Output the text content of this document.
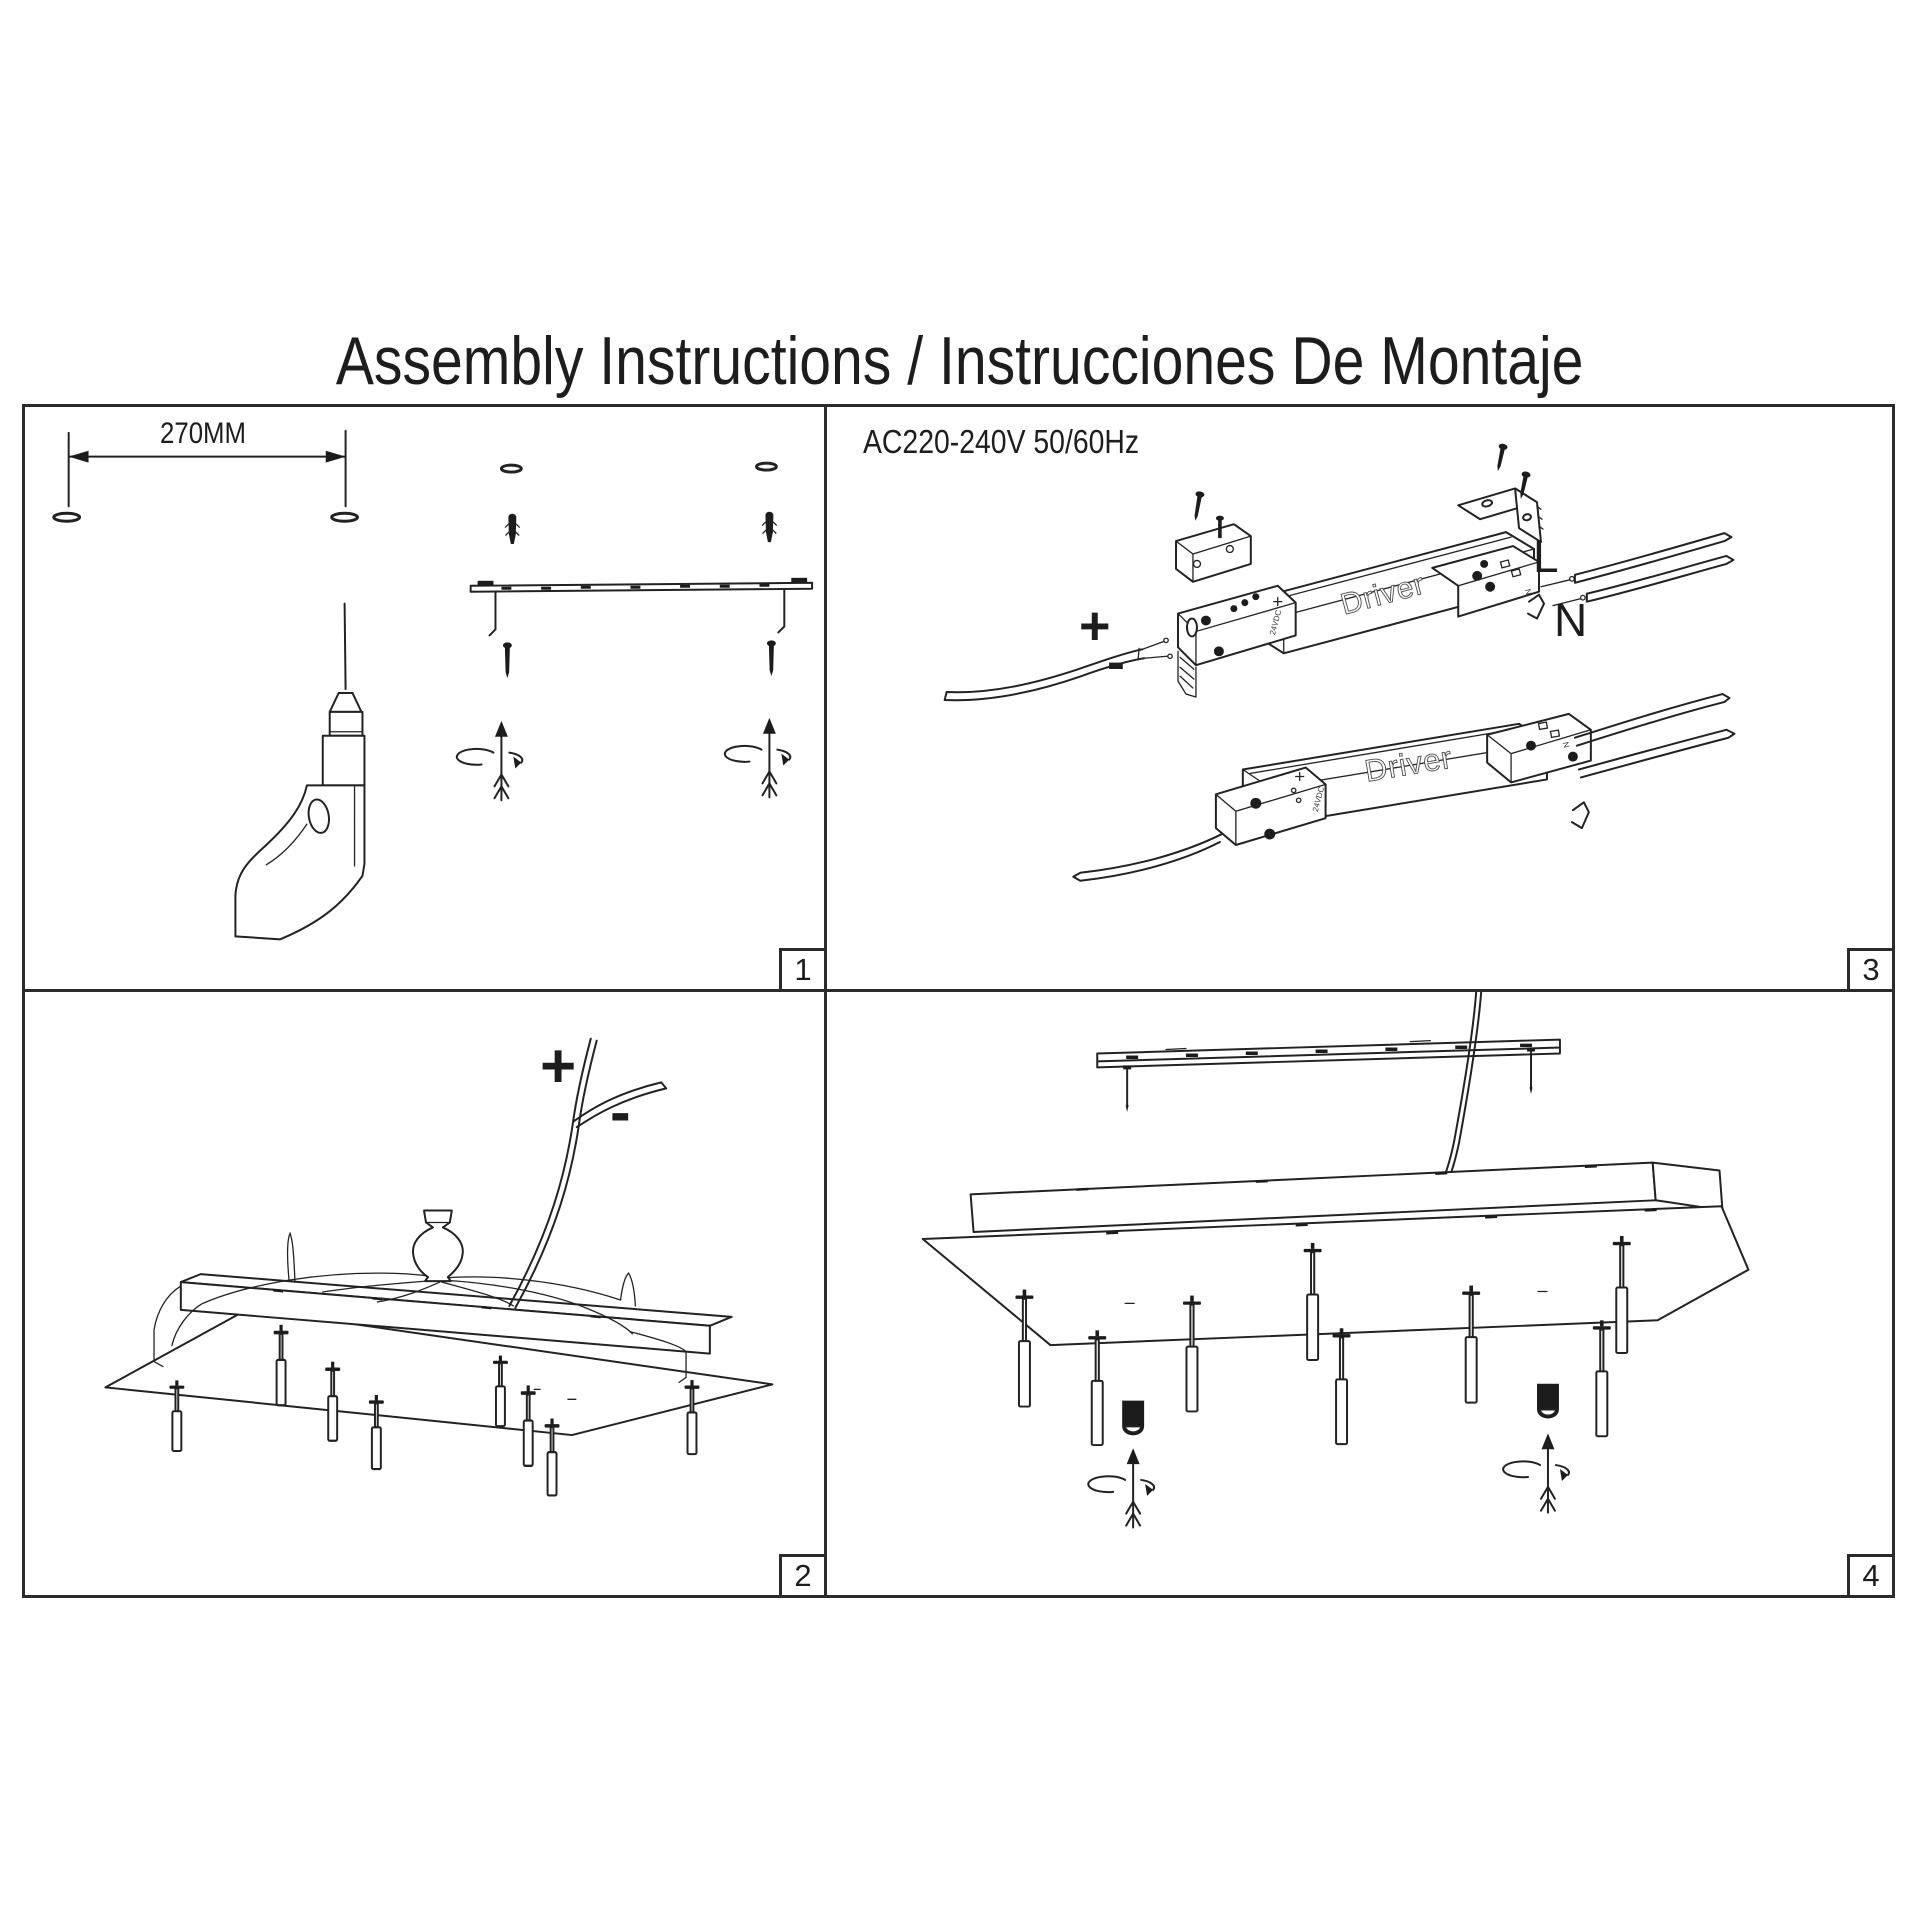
Assembly Instructions / Instrucciones De Montaje
270MM
1
Driver
24VDC
N
Driver
24VDC
N
AC220-240V 50/60Hz
+
-
L
N
3
+
-
2	4
